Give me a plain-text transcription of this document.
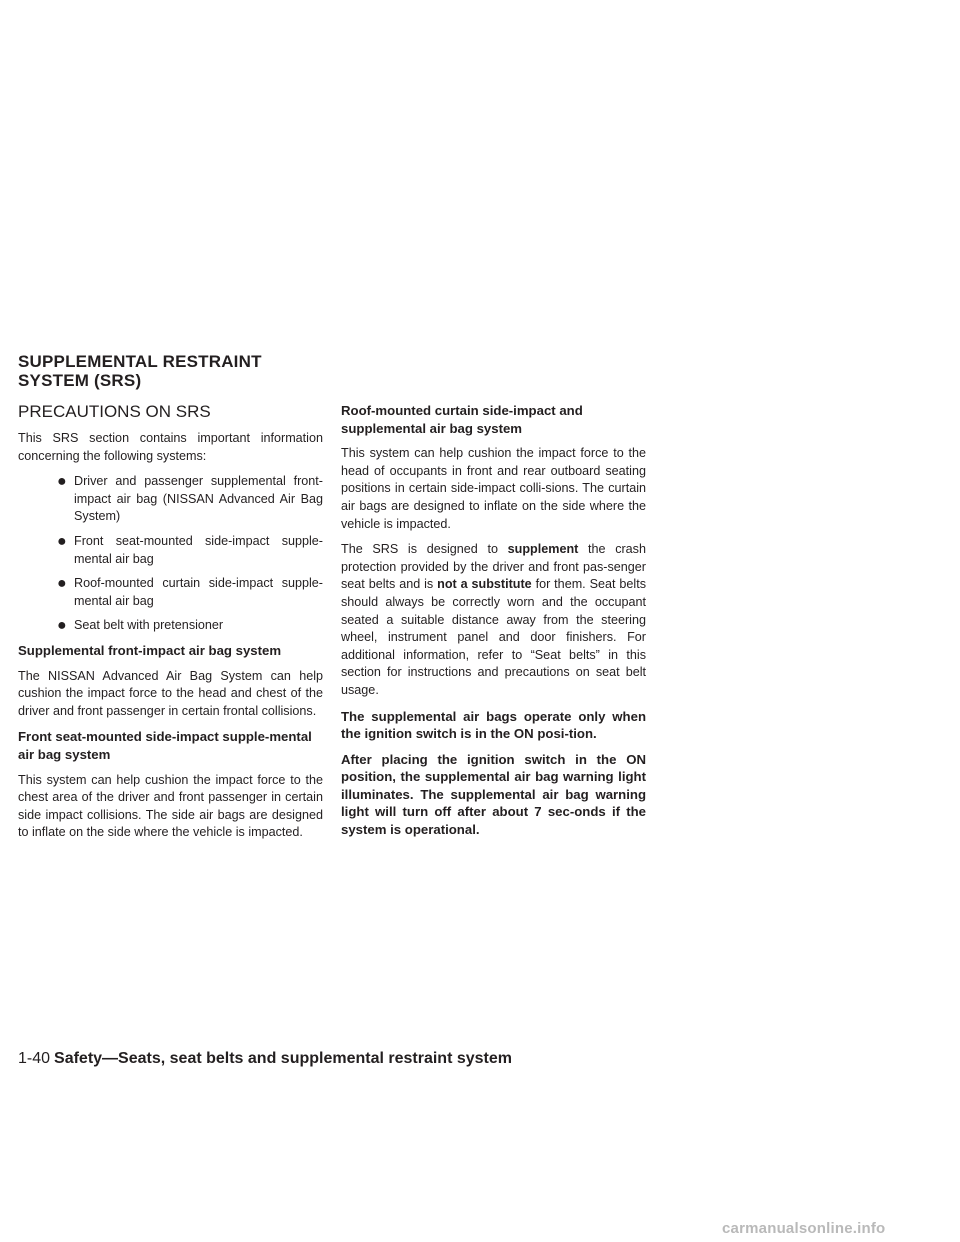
SUPPLEMENTAL RESTRAINT
SYSTEM (SRS)
PRECAUTIONS ON SRS

This SRS section contains important information concerning the following systems:

● Driver and passenger supplemental front-impact air bag (NISSAN Advanced Air Bag System)
● Front seat-mounted side-impact supple-mental air bag
● Roof-mounted curtain side-impact supple-mental air bag
● Seat belt with pretensioner
Supplemental front-impact air bag system

The NISSAN Advanced Air Bag System can help cushion the impact force to the head and chest of the driver and front passenger in certain frontal collisions.

Front seat-mounted side-impact supple-mental air bag system

This system can help cushion the impact force to the chest area of the driver and front passenger in certain side impact collisions. The side air bags are designed to inflate on the side where the vehicle is impacted.

Roof-mounted curtain side-impact and supplemental air bag system

This system can help cushion the impact force to the head of occupants in front and rear outboard seating positions in certain side-impact colli-sions. The curtain air bags are designed to inflate on the side where the vehicle is impacted.

The SRS is designed to supplement the crash protection provided by the driver and front pas-senger seat belts and is not a substitute for them. Seat belts should always be correctly worn and the occupant seated a suitable distance away from the steering wheel, instrument panel and door finishers. For additional information, refer to “Seat belts” in this section for instructions and precautions on seat belt usage.

The supplemental air bags operate only when the ignition switch is in the ON posi-tion.

After placing the ignition switch in the ON position, the supplemental air bag warning light illuminates. The supplemental air bag warning light will turn off after about 7 sec-onds if the system is operational.

1-40 Safety—Seats, seat belts and supplemental restraint system
carmanualsonline.info
